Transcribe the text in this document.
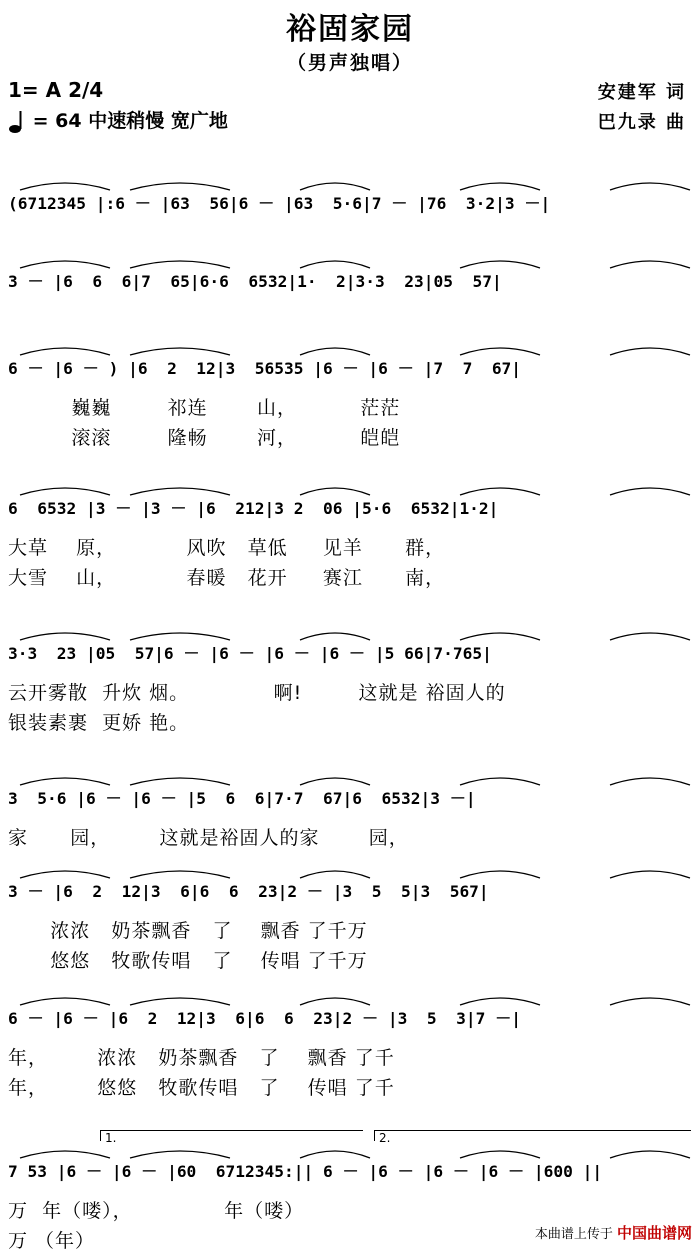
裕固家园
（男声独唱）
1= A 2/4
= 64 中速稍慢 宽广地
安建军 词
巴九录 曲
(6712345 |:6 － |63  56|6 － |63  5·6|7 － |76  3·2|3 －|
3 － |6  6  6|7  65|6·6  6532|1·  2|3·3  23|05  57|
6 － |6 － ) |6  2  12|3  56535 |6 － |6 － |7  7  67|
巍巍        祁连       山，         茫茫
滚滚        隆畅       河，         皑皑
6  6532 |3 － |3 － |6  212|3 2  06 |5·6  6532|1·2|
大草    原，          风吹   草低     见羊      群，
大雪    山，          春暖   花开     赛江      南，
3·3  23 |05  57|6 － |6 － |6 － |6 － |5 66|7·765|
云开雾散  升炊 烟。            啊!        这就是 裕固人的
银装素裹  更娇 艳。
3  5·6 |6 － |6 － |5  6  6|7·7  67|6  6532|3 －|
家      园，       这就是裕固人的家       园，
3 － |6  2  12|3  6|6  6  23|2 － |3  5  5|3  567|
浓浓   奶茶飘香   了    飘香 了千万
悠悠   牧歌传唱   了    传唱 了千万
6 － |6 － |6  2  12|3  6|6  6  23|2 － |3  5  3|7 －|
年，       浓浓   奶茶飘香   了    飘香 了千
年，       悠悠   牧歌传唱   了    传唱 了千
7 53 |6 － |6 － |60  6712345:|| 6 － |6 － |6 － |6 － |600 ||
万  年（喽），             年（喽）
万 （年）
1.	2.
本曲谱上传于 中国曲谱网
